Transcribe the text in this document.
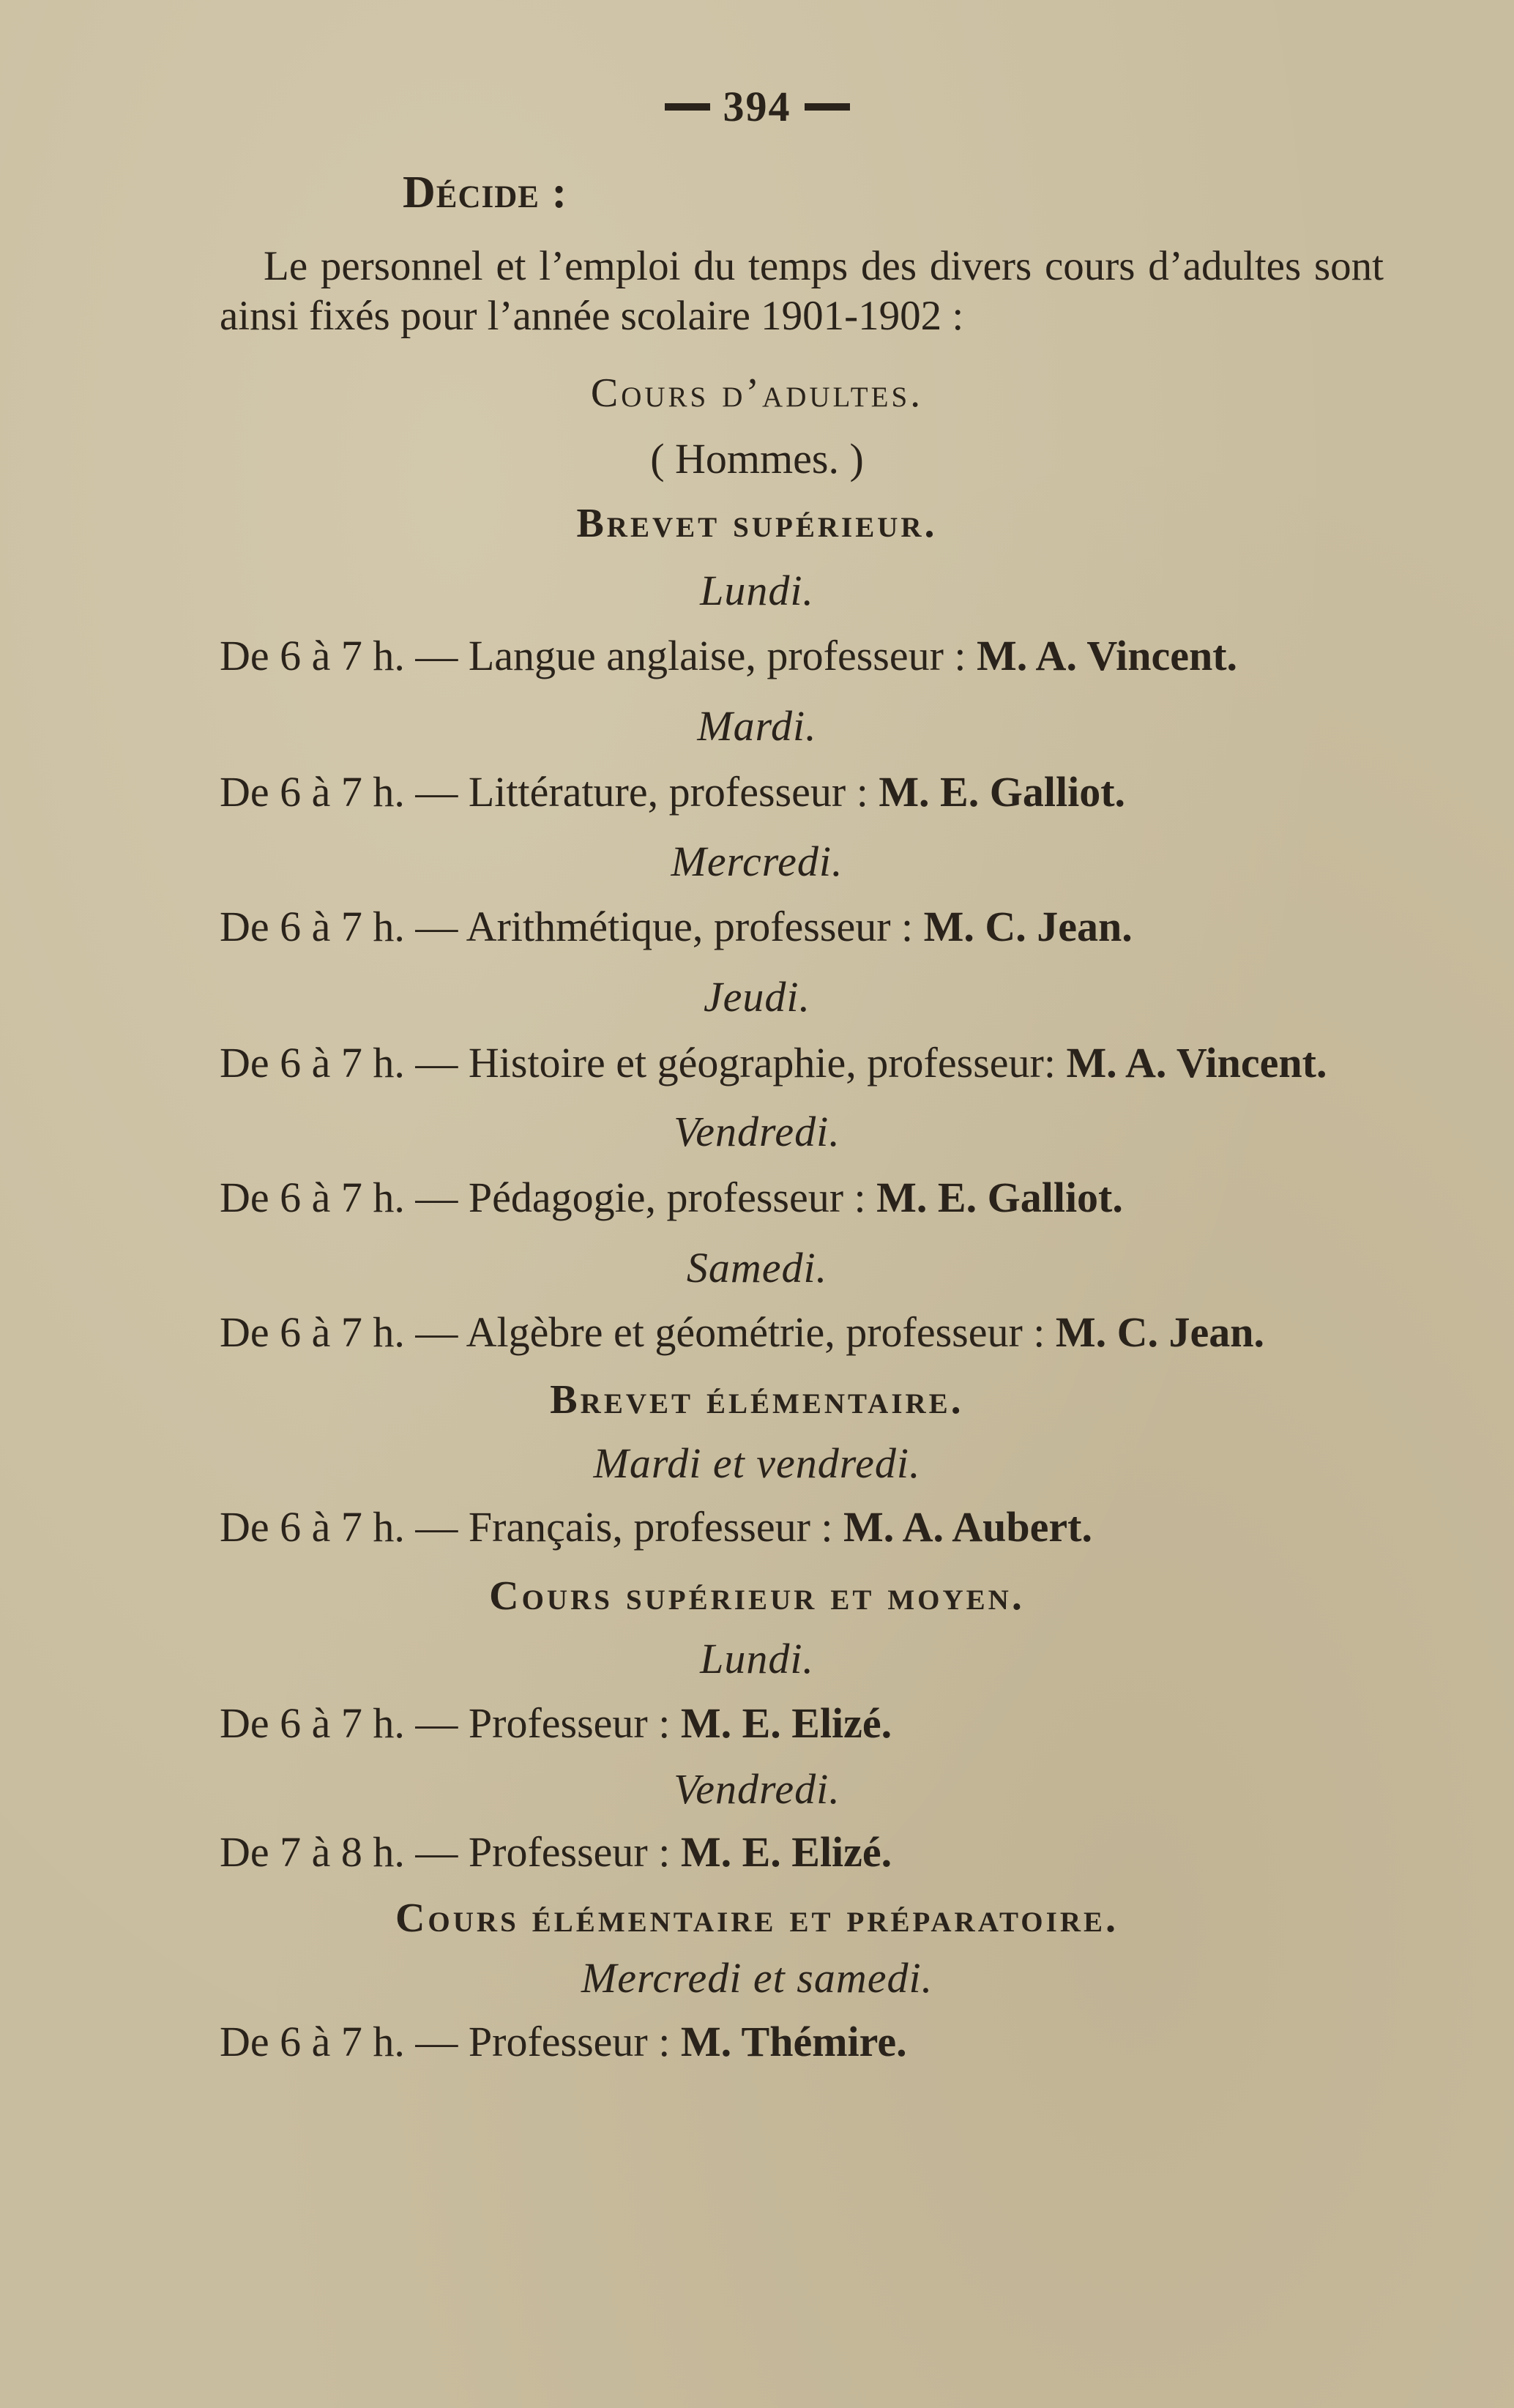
394
Décide :
Le personnel et l’emploi du temps des divers cours d’adultes sont ainsi fixés pour l’année scolaire 1901-1902 :
Cours d’adultes.
( Hommes. )
Brevet supérieur.
Lundi.
De 6 à 7 h. — Langue anglaise, professeur : M. A. Vincent.
Mardi.
De 6 à 7 h. — Littérature, professeur : M. E. Galliot.
Mercredi.
De 6 à 7 h. — Arithmétique, professeur : M. C. Jean.
Jeudi.
De 6 à 7 h. — Histoire et géographie, professeur: M. A. Vincent.
Vendredi.
De 6 à 7 h. — Pédagogie, professeur : M. E. Galliot.
Samedi.
De 6 à 7 h. — Algèbre et géométrie, professeur : M. C. Jean.
Brevet élémentaire.
Mardi et vendredi.
De 6 à 7 h. — Français, professeur : M. A. Aubert.
Cours supérieur et moyen.
Lundi.
De 6 à 7 h. — Professeur : M. E. Elizé.
Vendredi.
De 7 à 8 h. — Professeur : M. E. Elizé.
Cours élémentaire et préparatoire.
Mercredi et samedi.
De 6 à 7 h. — Professeur : M. Thémire.
